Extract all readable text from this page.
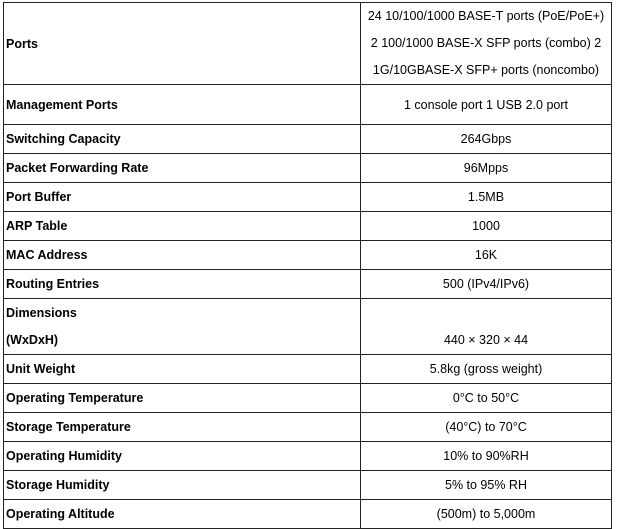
Ports	24 10/100/1000 BASE-T ports (PoE/PoE+)
2 100/1000 BASE-X SFP ports (combo) 2
1G/10GBASE-X SFP+ ports (noncombo)

Management Ports	1 console port 1 USB 2.0 port
Switching Capacity	264Gbps
Packet Forwarding Rate	96Mpps
Port Buffer	1.5MB
ARP Table	1000
MAC Address	16K
Routing Entries	500 (IPv4/IPv6)

Dimensions
(WxDxH)	440 × 320 × 44
Unit Weight	5.8kg (gross weight)
Operating Temperature	0°C to 50°C
Storage Temperature	(40°C) to 70°C
Operating Humidity	10% to 90%RH
Storage Humidity	5% to 95% RH
Operating Altitude	(500m) to 5,000m
